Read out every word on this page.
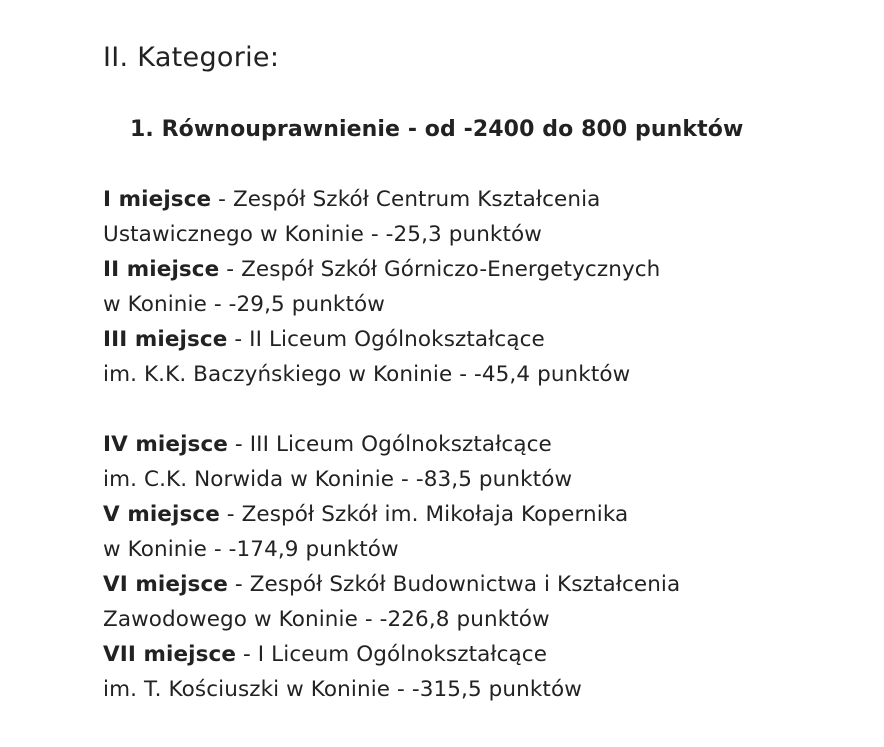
II. Kategorie:
1. Równouprawnienie - od -2400 do 800 punktów

I miejsce - Zespół Szkół Centrum Kształcenia
Ustawicznego w Koninie - -25,3 punktów

II miejsce - Zespół Szkół Górniczo-Energetycznych
w Koninie - -29,5 punktów

III miejsce - II Liceum Ogólnokształcące
im. K.K. Baczyńskiego w Koninie - -45,4 punktów

IV miejsce - III Liceum Ogólnokształcące
im. C.K. Norwida w Koninie - -83,5 punktów

V miejsce - Zespół Szkół im. Mikołaja Kopernika
w Koninie - -174,9 punktów

VI miejsce - Zespół Szkół Budownictwa i Kształcenia
Zawodowego w Koninie - -226,8 punktów

VII miejsce - I Liceum Ogólnokształcące
im. T. Kościuszki w Koninie - -315,5 punktów
